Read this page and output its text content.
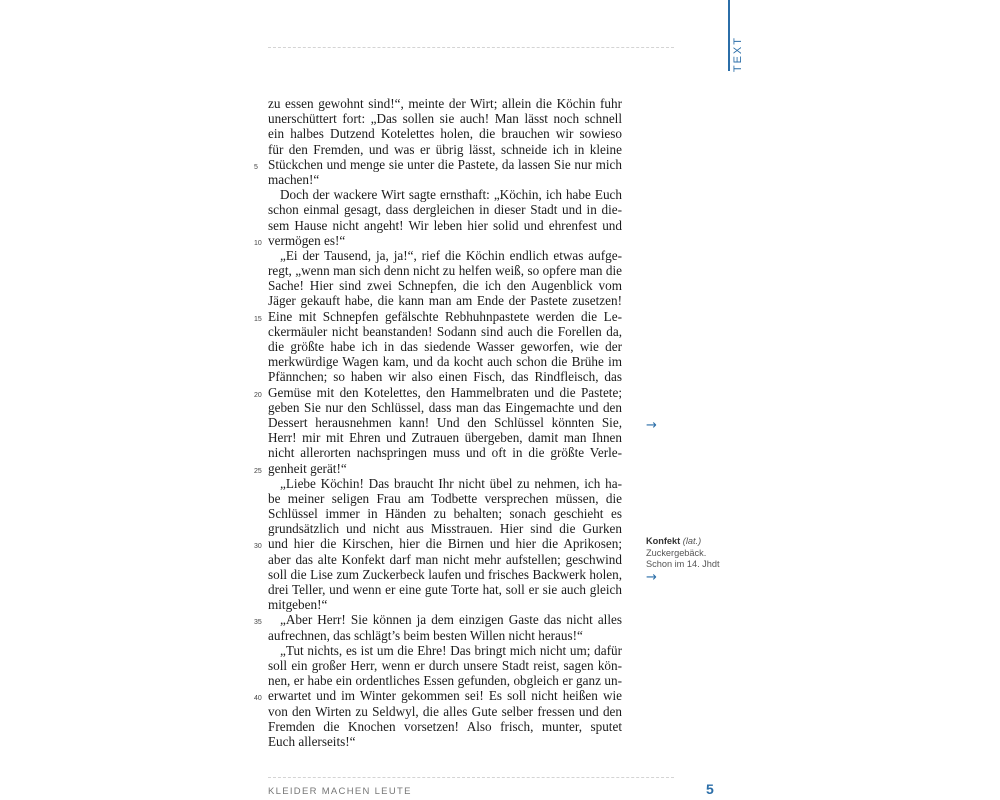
TEXT
zu essen gewohnt sind!“, meinte der Wirt; allein die Köchin fuhr
unerschüttert fort: „Das sollen sie auch! Man lässt noch schnell
ein halbes Dutzend Kotelettes holen, die brauchen wir sowieso
für den Fremden, und was er übrig lässt, schneide ich in kleine
Stückchen und menge sie unter die Pastete, da lassen Sie nur mich
5
machen!“
Doch der wackere Wirt sagte ernsthaft: „Köchin, ich habe Euch
schon einmal gesagt, dass dergleichen in dieser Stadt und in die-
sem Hause nicht angeht! Wir leben hier solid und ehrenfest und
vermögen es!“
10
„Ei der Tausend, ja, ja!“, rief die Köchin endlich etwas aufge-
regt, „wenn man sich denn nicht zu helfen weiß, so opfere man die
Sache! Hier sind zwei Schnepfen, die ich den Augenblick vom
Jäger gekauft habe, die kann man am Ende der Pastete zusetzen!
Eine mit Schnepfen gefälschte Rebhuhnpastete werden die Le-
15
ckermäuler nicht beanstanden! Sodann sind auch die Forellen da,
die größte habe ich in das siedende Wasser geworfen, wie der
merkwürdige Wagen kam, und da kocht auch schon die Brühe im
Pfännchen; so haben wir also einen Fisch, das Rindfleisch, das
Gemüse mit den Kotelettes, den Hammelbraten und die Pastete;
20
geben Sie nur den Schlüssel, dass man das Eingemachte und den
Dessert herausnehmen kann! Und den Schlüssel könnten Sie,
Herr! mir mit Ehren und Zutrauen übergeben, damit man Ihnen
nicht allerorten nachspringen muss und oft in die größte Verle-
genheit gerät!“
25
„Liebe Köchin! Das braucht Ihr nicht übel zu nehmen, ich ha-
be meiner seligen Frau am Todbette versprechen müssen, die
Schlüssel immer in Händen zu behalten; sonach geschieht es
grundsätzlich und nicht aus Misstrauen. Hier sind die Gurken
und hier die Kirschen, hier die Birnen und hier die Aprikosen;
30
aber das alte Konfekt darf man nicht mehr aufstellen; geschwind
soll die Lise zum Zuckerbeck laufen und frisches Backwerk holen,
drei Teller, und wenn er eine gute Torte hat, soll er sie auch gleich
mitgeben!“
„Aber Herr! Sie können ja dem einzigen Gaste das nicht alles
35
aufrechnen, das schlägt’s beim besten Willen nicht heraus!“
„Tut nichts, es ist um die Ehre! Das bringt mich nicht um; dafür
soll ein großer Herr, wenn er durch unsere Stadt reist, sagen kön-
nen, er habe ein ordentliches Essen gefunden, obgleich er ganz un-
erwartet und im Winter gekommen sei! Es soll nicht heißen wie
40
von den Wirten zu Seldwyl, die alles Gute selber fressen und den
Fremden die Knochen vorsetzen! Also frisch, munter, sputet
Euch allerseits!“
→
Konfekt (lat.)
Zuckergebäck.
Schon im 14. Jhdt
→
KLEIDER MACHEN LEUTE	5
